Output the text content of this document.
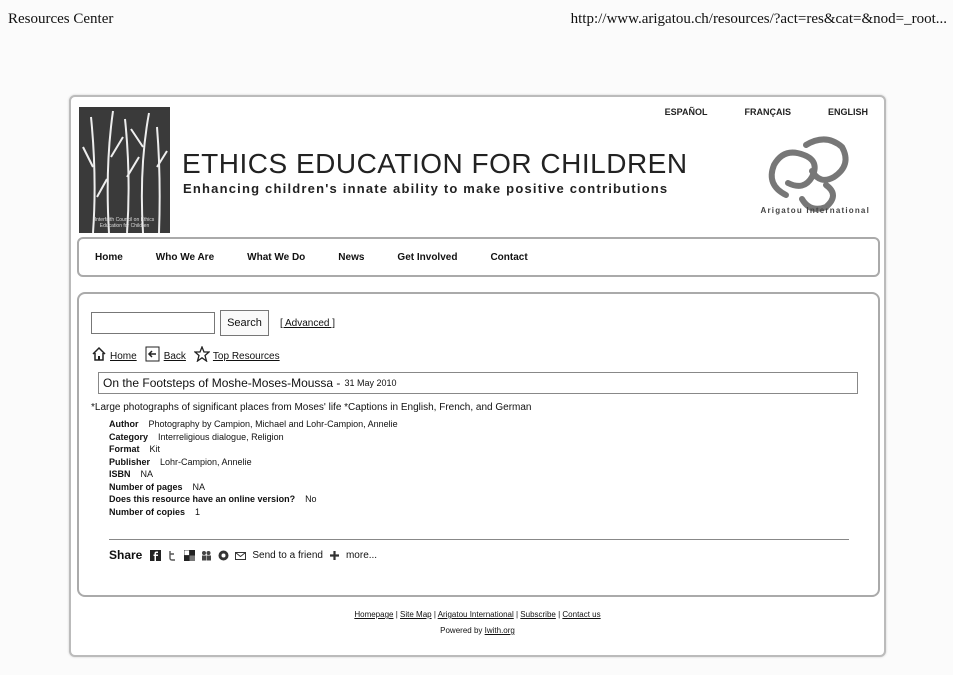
Resources Center	http://www.arigatou.ch/resources/?act=res&cat=&nod=_root...
Interfaith Council on Ethics Education for Children
ETHICS EDUCATION FOR CHILDREN
Enhancing children's innate ability to make positive contributions
ESPAÑOL	FRANÇAIS	ENGLISH
Arigatou International
Home	Who We Are	What We Do	News	Get Involved	Contact
Search	[ Advanced ]
Home	Back	Top Resources
On the Footsteps of Moshe-Moses-Moussa - 31 May 2010
*Large photographs of significant places from Moses' life *Captions in English, French, and German
Author Photography by Campion, Michael and Lohr-Campion, Annelie
Category Interreligious dialogue, Religion
Format Kit
Publisher Lohr-Campion, Annelie
ISBN NA
Number of pages NA
Does this resource have an online version? No
Number of copies 1
Share	Send to a friend more...
Homepage | Site Map | Arigatou International | Subscribe | Contact us
Powered by Iwith.org
